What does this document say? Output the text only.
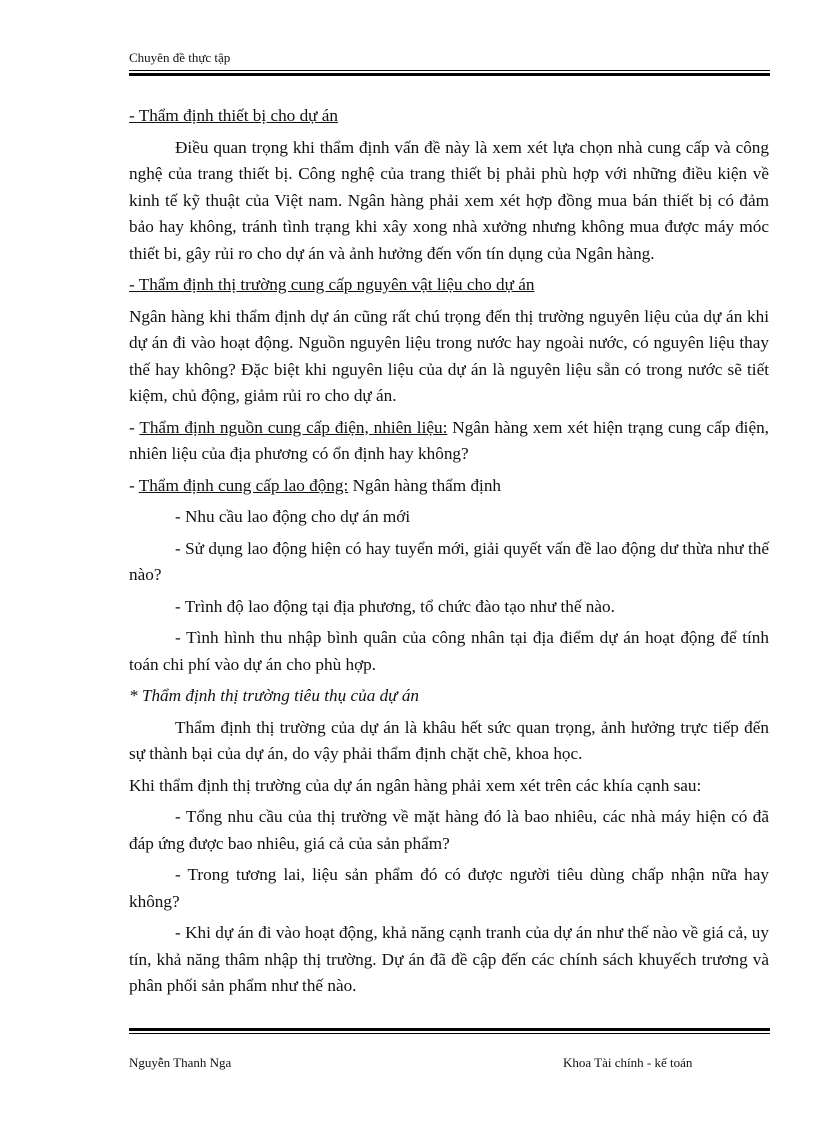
Chuyên đề thực tập

- Thẩm định thiết bị cho dự án

Điều quan trọng khi thẩm định vấn đề này là xem xét lựa chọn nhà cung cấp và công nghệ của trang thiết bị. Công nghệ của trang thiết bị phải phù hợp với những điều kiện về kinh tế kỹ thuật của Việt nam. Ngân hàng phải xem xét hợp đồng mua bán thiết bị có đảm bảo hay không, tránh tình trạng khi xây xong nhà xưởng nhưng không mua được máy móc thiết bi, gây rủi ro cho dự án và ảnh hưởng đến vốn tín dụng của Ngân hàng.

- Thẩm định thị trường cung cấp nguyên vật liệu cho dự án

Ngân hàng khi thẩm định dự án cũng rất chú trọng đến thị trường nguyên liệu của dự án khi dự án đi vào hoạt động. Nguồn nguyên liệu trong nước hay ngoài nước, có nguyên liệu thay thế hay không? Đặc biệt khi nguyên liệu của dự án là nguyên liệu sẵn có trong nước sẽ tiết kiệm, chủ động, giảm rủi ro cho dự án.

- Thẩm định nguồn cung cấp điện, nhiên liệu: Ngân hàng xem xét hiện trạng cung cấp điện, nhiên liệu của địa phương có ổn định hay không?

- Thẩm định cung cấp lao động: Ngân hàng thẩm định

- Nhu cầu lao động cho dự án mới

- Sử dụng lao động hiện có hay tuyển mới, giải quyết vấn đề lao động dư thừa như thế nào?

- Trình độ lao động tại địa phương, tổ chức đào tạo như thế nào.

- Tình hình thu nhập bình quân của công nhân tại địa điểm dự án hoạt động để tính toán chi phí vào dự án cho phù hợp.

* Thẩm định thị trường tiêu thụ của dự án

Thẩm định thị trường của dự án là khâu hết sức quan trọng, ảnh hưởng trực tiếp đến sự thành bại của dự án, do vậy phải thẩm định chặt chẽ, khoa học.

Khi thẩm định thị trường của dự án ngân hàng phải xem xét trên các khía cạnh sau:

- Tổng nhu cầu của thị trường về mặt hàng đó là bao nhiêu, các nhà máy hiện có đã đáp ứng được bao nhiêu, giá cả của sản phẩm?

- Trong tương lai, liệu sản phẩm đó có được người tiêu dùng chấp nhận nữa hay không?

- Khi dự án đi vào hoạt động, khả năng cạnh tranh của dự án như thế nào về giá cả, uy tín, khả năng thâm nhập thị trường. Dự án đã đề cập đến các chính sách khuyếch trương và phân phối sản phẩm như thế nào.

Nguyễn Thanh Nga	Khoa Tài chính - kế toán
